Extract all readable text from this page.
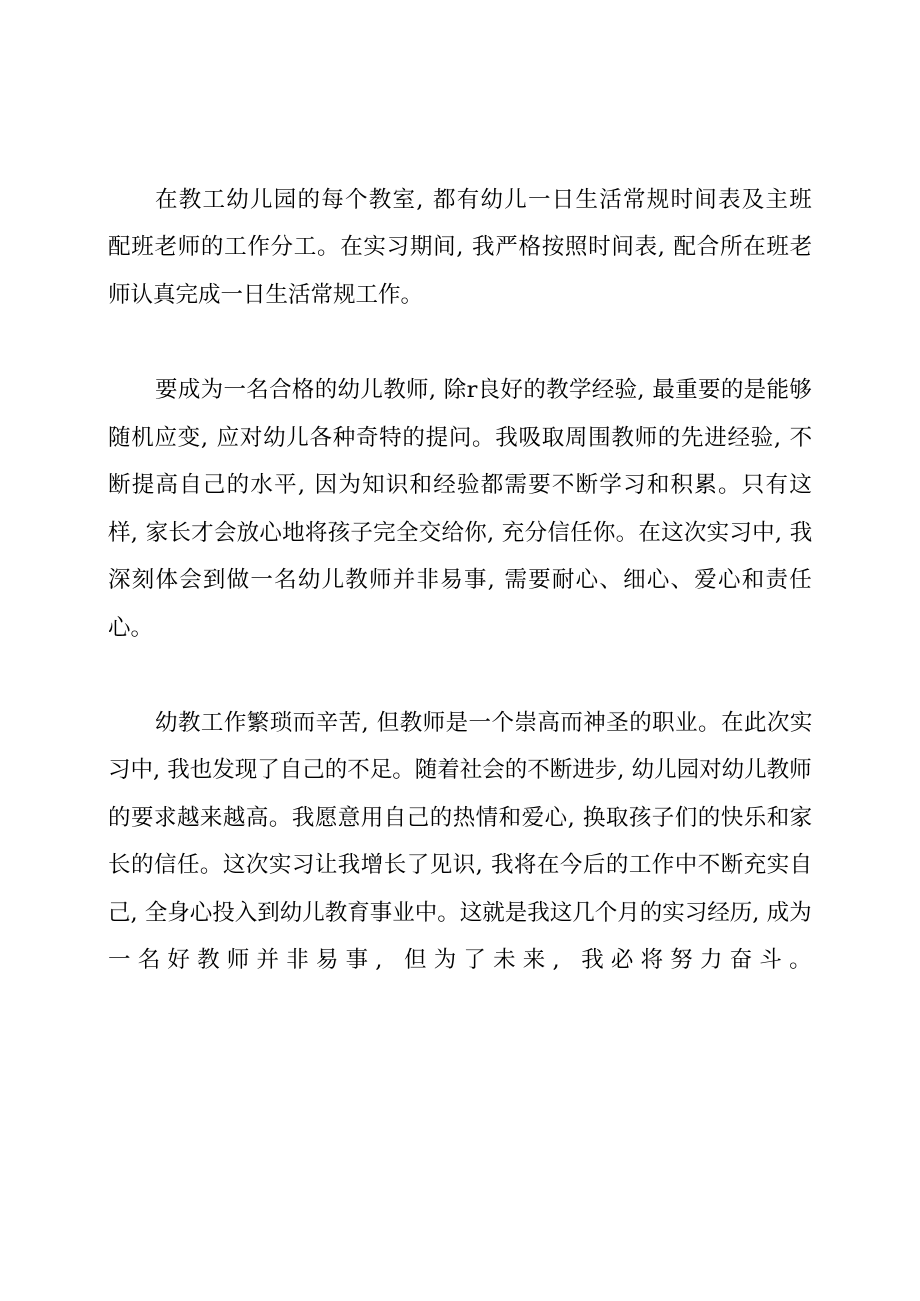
在教工幼儿园的每个教室, 都有幼儿一日生活常规时间表及主班
配班老师的工作分工。在实习期间, 我严格按照时间表, 配合所在班老
师认真完成一日生活常规工作。
要成为一名合格的幼儿教师, 除r良好的教学经验, 最重要的是能够
随机应变, 应对幼儿各种奇特的提问。我吸取周围教师的先进经验, 不
断提高自己的水平, 因为知识和经验都需要不断学习和积累。只有这
样, 家长才会放心地将孩子完全交给你, 充分信任你。在这次实习中, 我
深刻体会到做一名幼儿教师并非易事, 需要耐心、细心、爱心和责任
心。
幼教工作繁琐而辛苦, 但教师是一个崇高而神圣的职业。在此次实
习中, 我也发现了自己的不足。随着社会的不断进步, 幼儿园对幼儿教师
的要求越来越高。我愿意用自己的热情和爱心, 换取孩子们的快乐和家
长的信任。这次实习让我增长了见识, 我将在今后的工作中不断充实自
己, 全身心投入到幼儿教育事业中。这就是我这几个月的实习经历, 成为
一名好教师并非易事, 但为了未来, 我必将努力奋斗。
